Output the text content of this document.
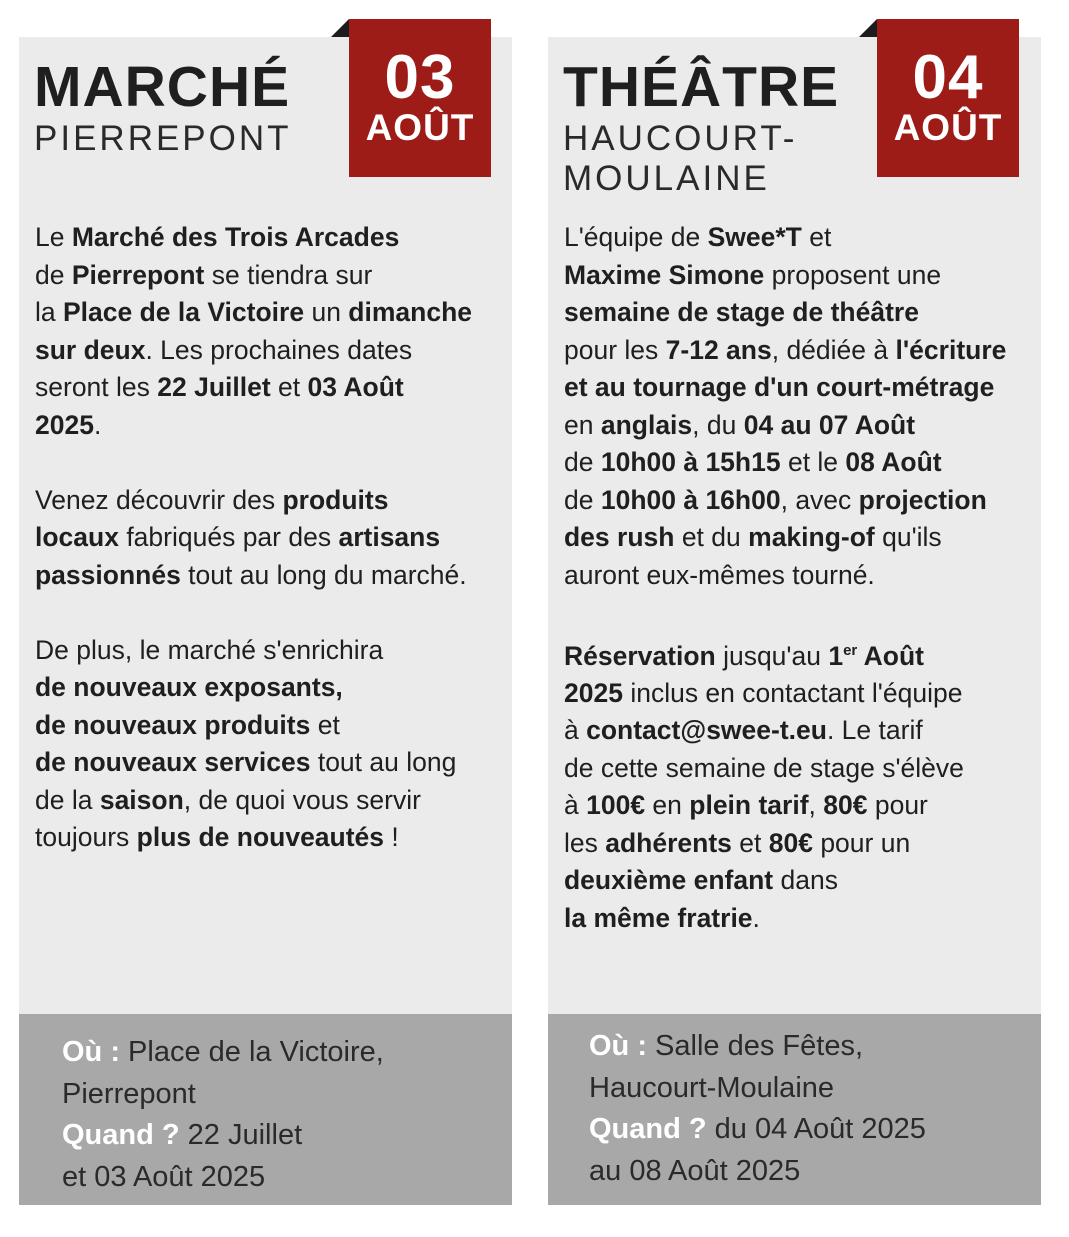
MARCHÉ
PIERREPONT
03
AOÛT

Le Marché des Trois Arcades
de Pierrepont se tiendra sur
la Place de la Victoire un dimanche
sur deux. Les prochaines dates
seront les 22 Juillet et 03 Août
2025.

Venez découvrir des produits
locaux fabriqués par des artisans
passionnés tout au long du marché.

De plus, le marché s'enrichira
de nouveaux exposants,
de nouveaux produits et
de nouveaux services tout au long
de la saison, de quoi vous servir
toujours plus de nouveautés !

Où : Place de la Victoire,
Pierrepont
Quand ? 22 Juillet
et 03 Août 2025
THÉÂTRE
HAUCOURT-MOULAINE
04
AOÛT

L'équipe de Swee*T et
Maxime Simone proposent une
semaine de stage de théâtre
pour les 7-12 ans, dédiée à l'écriture
et au tournage d'un court-métrage
en anglais, du 04 au 07 Août
de 10h00 à 15h15 et le 08 Août
de 10h00 à 16h00, avec projection
des rush et du making-of qu'ils
auront eux-mêmes tourné.

Réservation jusqu'au 1er Août
2025 inclus en contactant l'équipe
à contact@swee-t.eu. Le tarif
de cette semaine de stage s'élève
à 100€ en plein tarif, 80€ pour
les adhérents et 80€ pour un
deuxième enfant dans
la même fratrie.

Où : Salle des Fêtes,
Haucourt-Moulaine
Quand ? du 04 Août 2025
au 08 Août 2025
